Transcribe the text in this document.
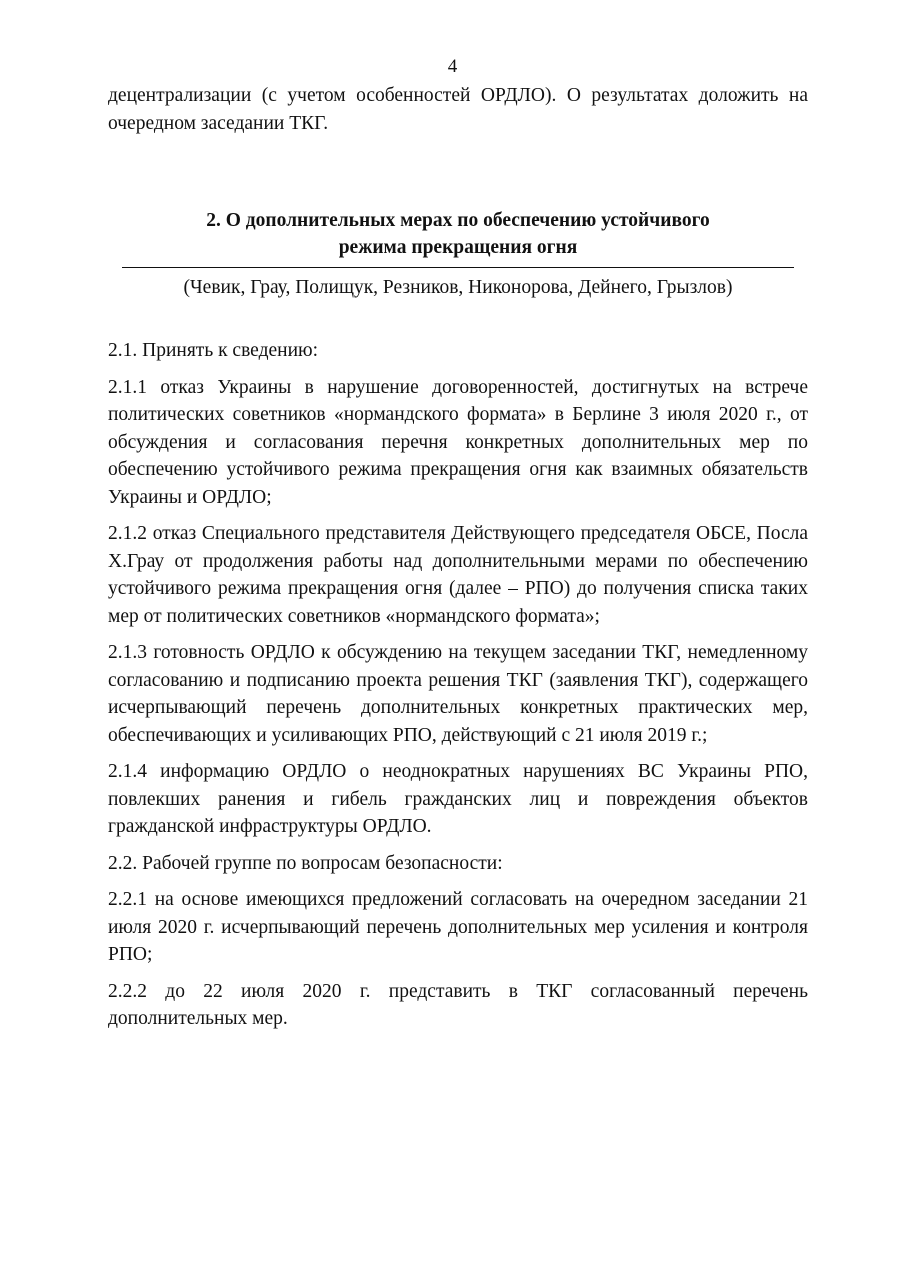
4

децентрализации (с учетом особенностей ОРДЛО). О результатах доложить на очередном заседании ТКГ.

2. О дополнительных мерах по обеспечению устойчивого
режима прекращения огня
(Чевик, Грау, Полищук, Резников, Никонорова, Дейнего, Грызлов)

2.1. Принять к сведению:

2.1.1 отказ Украины в нарушение договоренностей, достигнутых на встрече политических советников «нормандского формата» в Берлине 3 июля 2020 г., от обсуждения и согласования перечня конкретных дополнительных мер по обеспечению устойчивого режима прекращения огня как взаимных обязательств Украины и ОРДЛО;

2.1.2 отказ Специального представителя Действующего председателя ОБСЕ, Посла Х.Грау от продолжения работы над дополнительными мерами по обеспечению устойчивого режима прекращения огня (далее – РПО) до получения списка таких мер от политических советников «нормандского формата»;

2.1.3 готовность ОРДЛО к обсуждению на текущем заседании ТКГ, немедленному согласованию и подписанию проекта решения ТКГ (заявления ТКГ), содержащего исчерпывающий перечень дополнительных конкретных практических мер, обеспечивающих и усиливающих РПО, действующий с 21 июля 2019 г.;

2.1.4 информацию ОРДЛО о неоднократных нарушениях ВС Украины РПО, повлекших ранения и гибель гражданских лиц и повреждения объектов гражданской инфраструктуры ОРДЛО.

2.2. Рабочей группе по вопросам безопасности:

2.2.1 на основе имеющихся предложений согласовать на очередном заседании 21 июля 2020 г. исчерпывающий перечень дополнительных мер усиления и контроля РПО;

2.2.2 до 22 июля 2020 г. представить в ТКГ согласованный перечень дополнительных мер.
